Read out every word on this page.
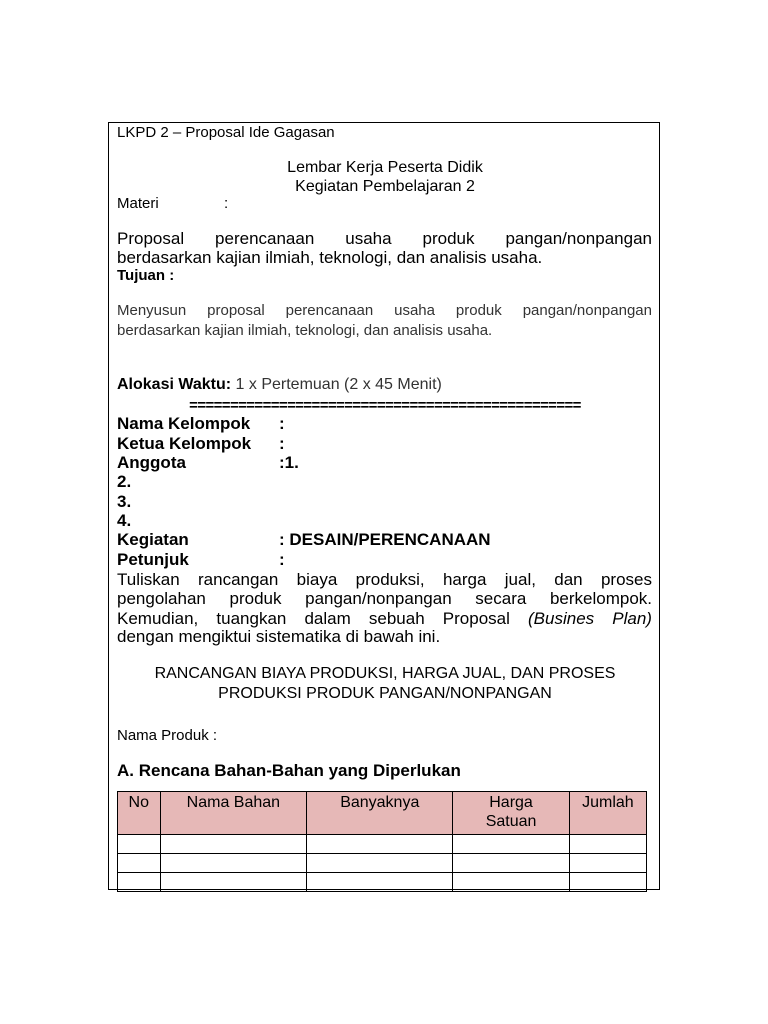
LKPD 2 – Proposal Ide Gagasan
Lembar Kerja Peserta Didik
Kegiatan Pembelajaran 2
Materi	:
Proposal perencanaan usaha produk pangan/nonpangan
berdasarkan kajian ilmiah, teknologi, dan analisis usaha.
Tujuan :
Menyusun proposal perencanaan usaha produk pangan/nonpangan
berdasarkan kajian ilmiah, teknologi, dan analisis usaha.
Alokasi Waktu: 1 x Pertemuan (2 x 45 Menit)
================================================
Nama Kelompok :
Ketua Kelompok :
Anggota	:1.
2.
3.
4.
Kegiatan	: DESAIN/PERENCANAAN
Petunjuk	:
Tuliskan rancangan biaya produksi, harga jual, dan proses
pengolahan produk pangan/nonpangan secara berkelompok.
Kemudian, tuangkan dalam sebuah Proposal (Busines Plan)
dengan mengiktui sistematika di bawah ini.
RANCANGAN BIAYA PRODUKSI, HARGA JUAL, DAN PROSES
PRODUKSI PRODUK PANGAN/NONPANGAN
Nama Produk :
A. Rencana Bahan-Bahan yang Diperlukan
No	Nama Bahan	Banyaknya	Harga Satuan	Jumlah
